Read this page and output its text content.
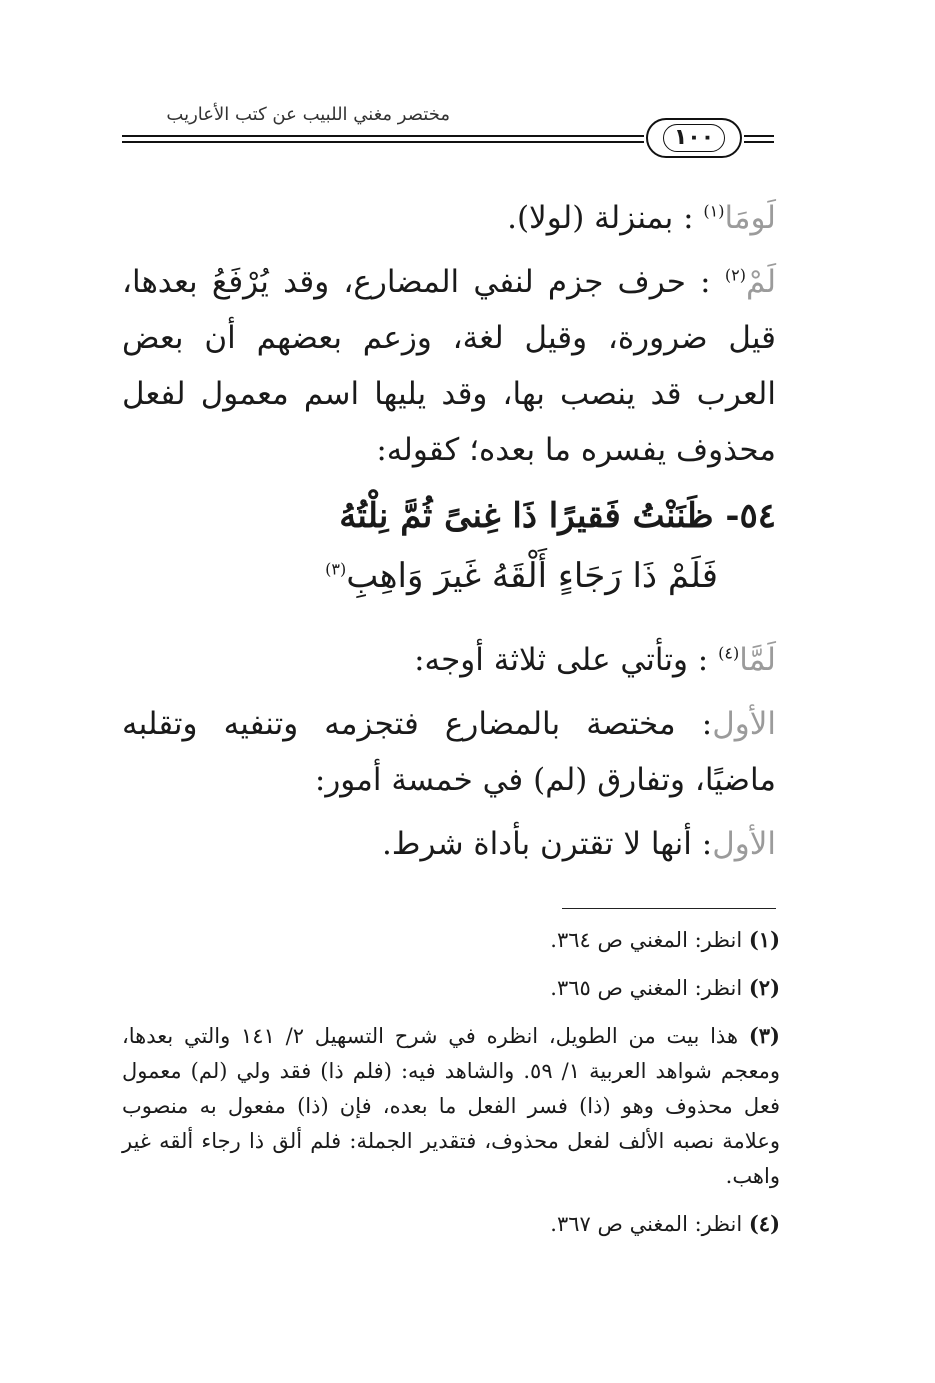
مختصر مغني اللبيب عن كتب الأعاريب
١٠٠

لَومَا$^{(١)}$ : بمنزلة (لولا).

لَمْ$^{(٢)}$ : حرف جزم لنفي المضارع، وقد يُرْفَعُ بعدها، قيل ضرورة، وقيل لغة، وزعم بعضهم أن بعض العرب قد ينصب بها، وقد يليها اسم معمول لفعل محذوف يفسره ما بعده؛ كقوله:

٥٤- ظَنَنْتُ فَقيرًا ذَا غِنىً ثُمَّ نِلْتُهُ
فَلَمْ ذَا رَجَاءٍ أَلْقَهُ غَيرَ وَاهِبِ$^{(٣)}$

لَمَّا$^{(٤)}$ : وتأتي على ثلاثة أوجه:

الأول: مختصة بالمضارع فتجزمه وتنفيه وتقلبه ماضيًا، وتفارق (لم) في خمسة أمور:

الأول: أنها لا تقترن بأداة شرط.

(١) انظر: المغني ص ٣٦٤.

(٢) انظر: المغني ص ٣٦٥.

(٣) هذا بيت من الطويل، انظره في شرح التسهيل ٢/ ١٤١ والتي بعدها، ومعجم شواهد العربية ١/ ٥٩. والشاهد فيه: (فلم ذا) فقد ولي (لم) معمول فعل محذوف وهو (ذا) فسر الفعل ما بعده، فإن (ذا) مفعول به منصوب وعلامة نصبه الألف لفعل محذوف، فتقدير الجملة: فلم ألق ذا رجاء ألقه غير واهب.

(٤) انظر: المغني ص ٣٦٧.
